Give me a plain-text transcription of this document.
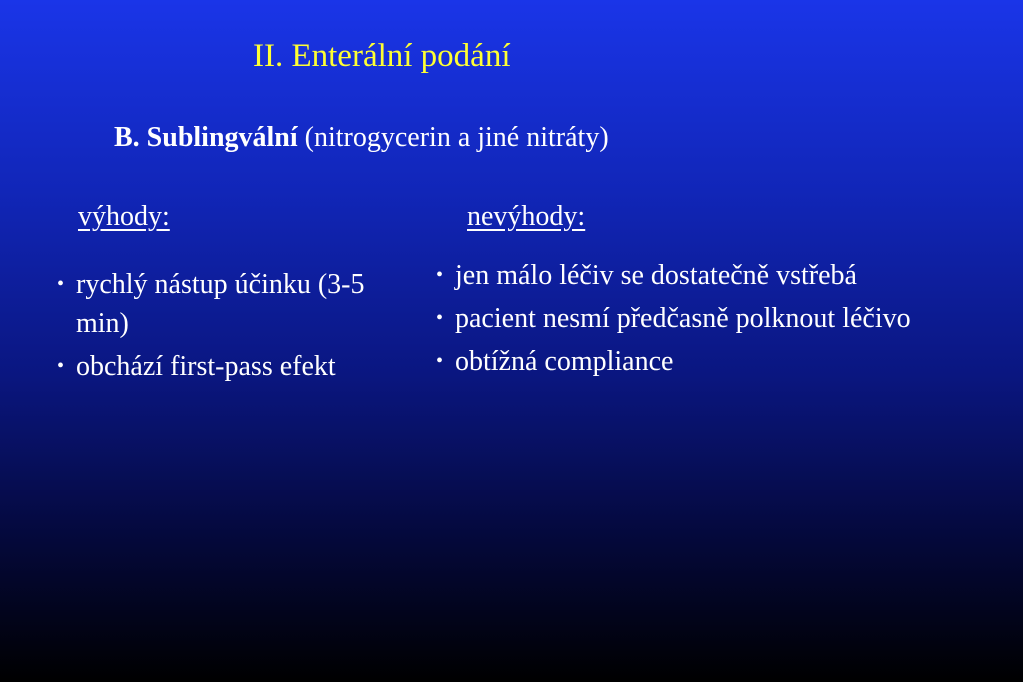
II. Enterální podání
B. Sublingvální (nitrogycerin a jiné nitráty)
výhody:	nevýhody:
• rychlý nástup účinku (3-5 min)
• obchází first-pass efekt
• jen málo léčiv se dostatečně vstřebá
• pacient nesmí předčasně polknout léčivo
• obtížná compliance
